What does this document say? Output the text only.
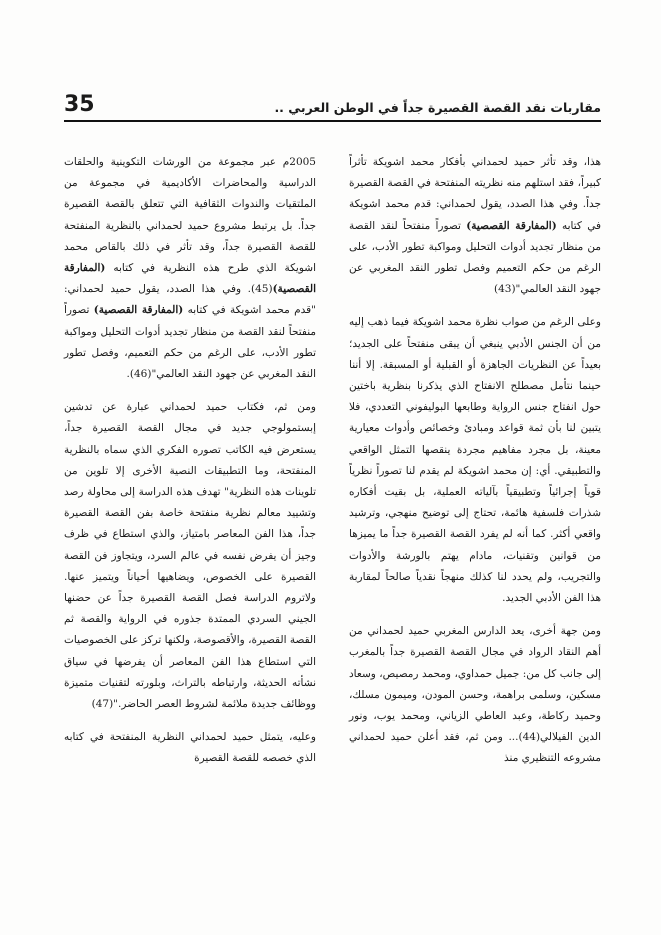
35	مقاربات نقد القصة القصيرة جداً في الوطن العربي ..

هذا، وقد تأثر حميد لحمداني بأفكار محمد اشويكة تأثراً كبيراً، فقد استلهم منه نظريته المنفتحة في القصة القصيرة جداً. وفي هذا الصدد، يقول لحمداني: قدم محمد اشويكة في كتابه (المفارقة القصصية) تصوراً منفتحاً لنقد القصة من منظار تجديد أدوات التحليل ومواكبة تطور الأدب، على الرغم من حكم التعميم وفصل تطور النقد المغربي عن جهود النقد العالمي"(43)

وعلى الرغم من صواب نظرة محمد اشويكة فيما ذهب إليه من أن الجنس الأدبي ينبغي أن يبقى منفتحاً على الجديد؛ بعيداً عن النظريات الجاهزة أو القبلية أو المسبقة. إلا أننا حينما نتأمل مصطلح الانفتاح الذي يذكرنا بنظرية باختين حول انفتاح جنس الرواية وطابعها البوليفوني التعددي، فلا يتبين لنا بأن ثمة قواعد ومبادئ وخصائص وأدوات معيارية معينة، بل مجرد مفاهيم مجردة ينقصها التمثل الواقعي والتطبيقي. أي: إن محمد اشويكة لم يقدم لنا تصوراً نظرياً قوياً إجرائياً وتطبيقياً بآلياته العملية، بل بقيت أفكاره شذرات فلسفية هائمة، تحتاج إلى توضيح منهجي، وترشيد واقعي أكثر. كما أنه لم يفرد القصة القصيرة جداً ما يميزها من قوانين وتقنيات، مادام يهتم بالورشة والأدوات والتجريب، ولم يحدد لنا كذلك منهجاً نقدياً صالحاً لمقاربة هذا الفن الأدبي الجديد.

ومن جهة أخرى، يعد الدارس المغربي حميد لحمداني من أهم النقاد الرواد في مجال القصة القصيرة جداً بالمغرب إلى جانب كل من: جميل حمداوي، ومحمد رمصيص، وسعاد مسكين، وسلمى براهمة، وحسن المودن، وميمون مسلك، وحميد ركاطة، وعبد العاطي الزياني، ومحمد يوب، ونور الدين الفيلالي(44)... ومن ثم، فقد أعلن حميد لحمداني مشروعه التنظيري منذ

2005م عبر مجموعة من الورشات التكوينية والحلقات الدراسية والمحاضرات الأكاديمية في مجموعة من الملتقيات والندوات الثقافية التي تتعلق بالقصة القصيرة جداً. بل يرتبط مشروع حميد لحمداني بالنظرية المنفتحة للقصة القصيرة جداً، وقد تأثر في ذلك بالقاص محمد اشويكة الذي طرح هذه النظرية في كتابه (المفارقة القصصية)(45). وفي هذا الصدد، يقول حميد لحمداني: "قدم محمد اشويكة في كتابه (المفارقة القصصية) تصوراً منفتحاً لنقد القصة من منظار تجديد أدوات التحليل ومواكبة تطور الأدب، على الرغم من حكم التعميم، وفصل تطور النقد المغربي عن جهود النقد العالمي"(46).

ومن ثم، فكتاب حميد لحمداني عبارة عن تدشين إبستمولوجي جديد في مجال القصة القصيرة جداً، يستعرض فيه الكاتب تصوره الفكري الذي سماه بالنظرية المنفتحة، وما التطبيقات النصية الأخرى إلا تلوين من تلوينات هذه النظرية" تهدف هذه الدراسة إلى محاولة رصد وتشييد معالم نظرية منفتحة خاصة بفن القصة القصيرة جداً، هذا الفن المعاصر بامتياز، والذي استطاع في ظرف وجيز أن يفرض نفسه في عالم السرد، ويتجاوز فن القصة القصيرة على الخصوص، ويضاهيها أحياناً ويتميز عنها. ولاتروم الدراسة فصل القصة القصيرة جداً عن حضنها الجيني السردي الممتدة جذوره في الرواية والقصة ثم القصة القصيرة، والأقصوصة، ولكنها تركز على الخصوصيات التي استطاع هذا الفن المعاصر أن يفرضها في سياق نشأته الحديثة، وارتباطه بالتراث، وبلورته لتقنيات متميزة ووظائف جديدة ملائمة لشروط العصر الحاضر."(47)

وعليه، يتمثل حميد لحمداني النظرية المنفتحة في كتابه الذي خصصه للقصة القصيرة
